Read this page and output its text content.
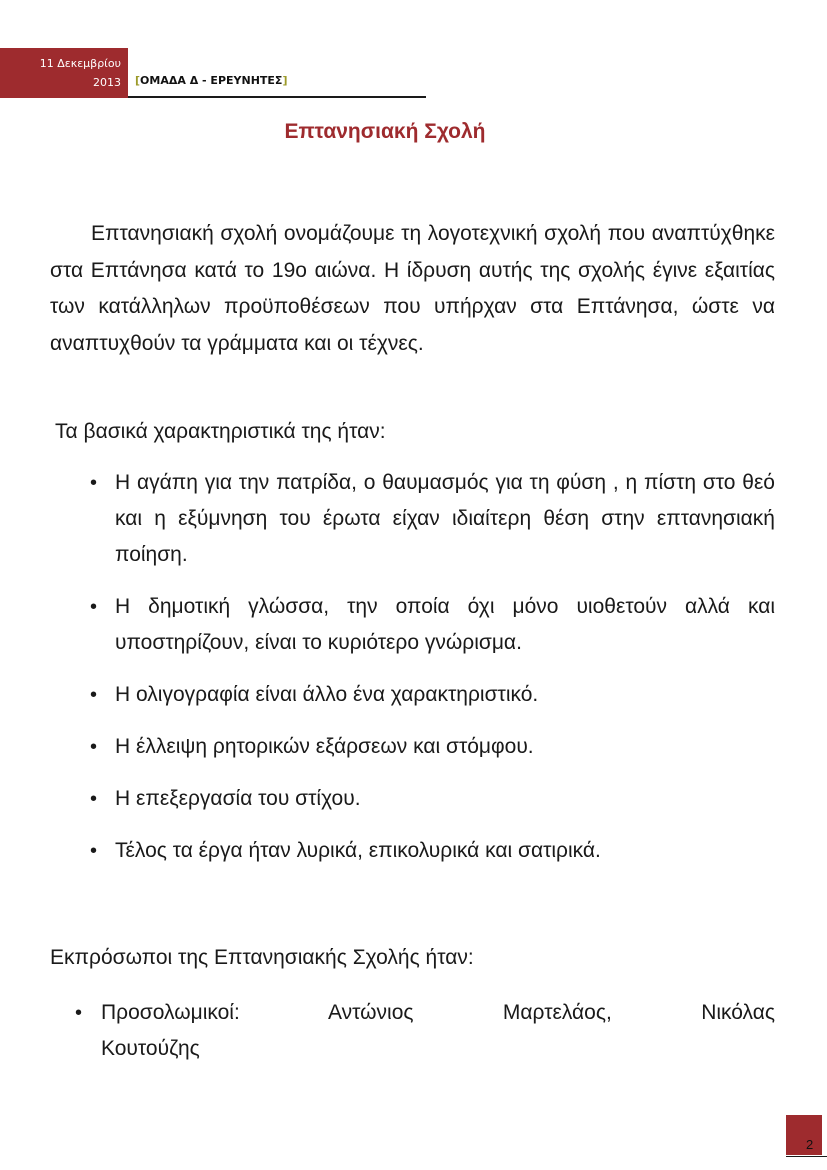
11 Δεκεμβρίου
2013 [ΟΜΑΔΑ Δ - ΕΡΕΥΝΗΤΕΣ]
Επτανησιακή Σχολή

Επτανησιακή σχολή ονομάζουμε τη λογοτεχνική σχολή που αναπτύχθηκε στα Επτάνησα κατά το 19ο αιώνα. Η ίδρυση αυτής της σχολής έγινε εξαιτίας των κατάλληλων προϋποθέσεων που υπήρχαν στα Επτάνησα, ώστε να αναπτυχθούν τα γράμματα και οι τέχνες.

Τα βασικά χαρακτηριστικά της ήταν:

• Η αγάπη για την πατρίδα, ο θαυμασμός για τη φύση , η πίστη στο θεό και η εξύμνηση του έρωτα είχαν ιδιαίτερη θέση στην επτανησιακή ποίηση.
• Η δημοτική γλώσσα, την οποία όχι μόνο υιοθετούν αλλά και υποστηρίζουν, είναι το κυριότερο γνώρισμα.
• Η ολιγογραφία είναι άλλο ένα χαρακτηριστικό.
• Η έλλειψη ρητορικών εξάρσεων και στόμφου.
• Η επεξεργασία του στίχου.
• Τέλος τα έργα ήταν λυρικά, επικολυρικά και σατιρικά.

Εκπρόσωποι της Επτανησιακής Σχολής ήταν:

• Προσολωμικοί: Αντώνιος Μαρτελάος, Νικόλας
Κουτούζης
2
